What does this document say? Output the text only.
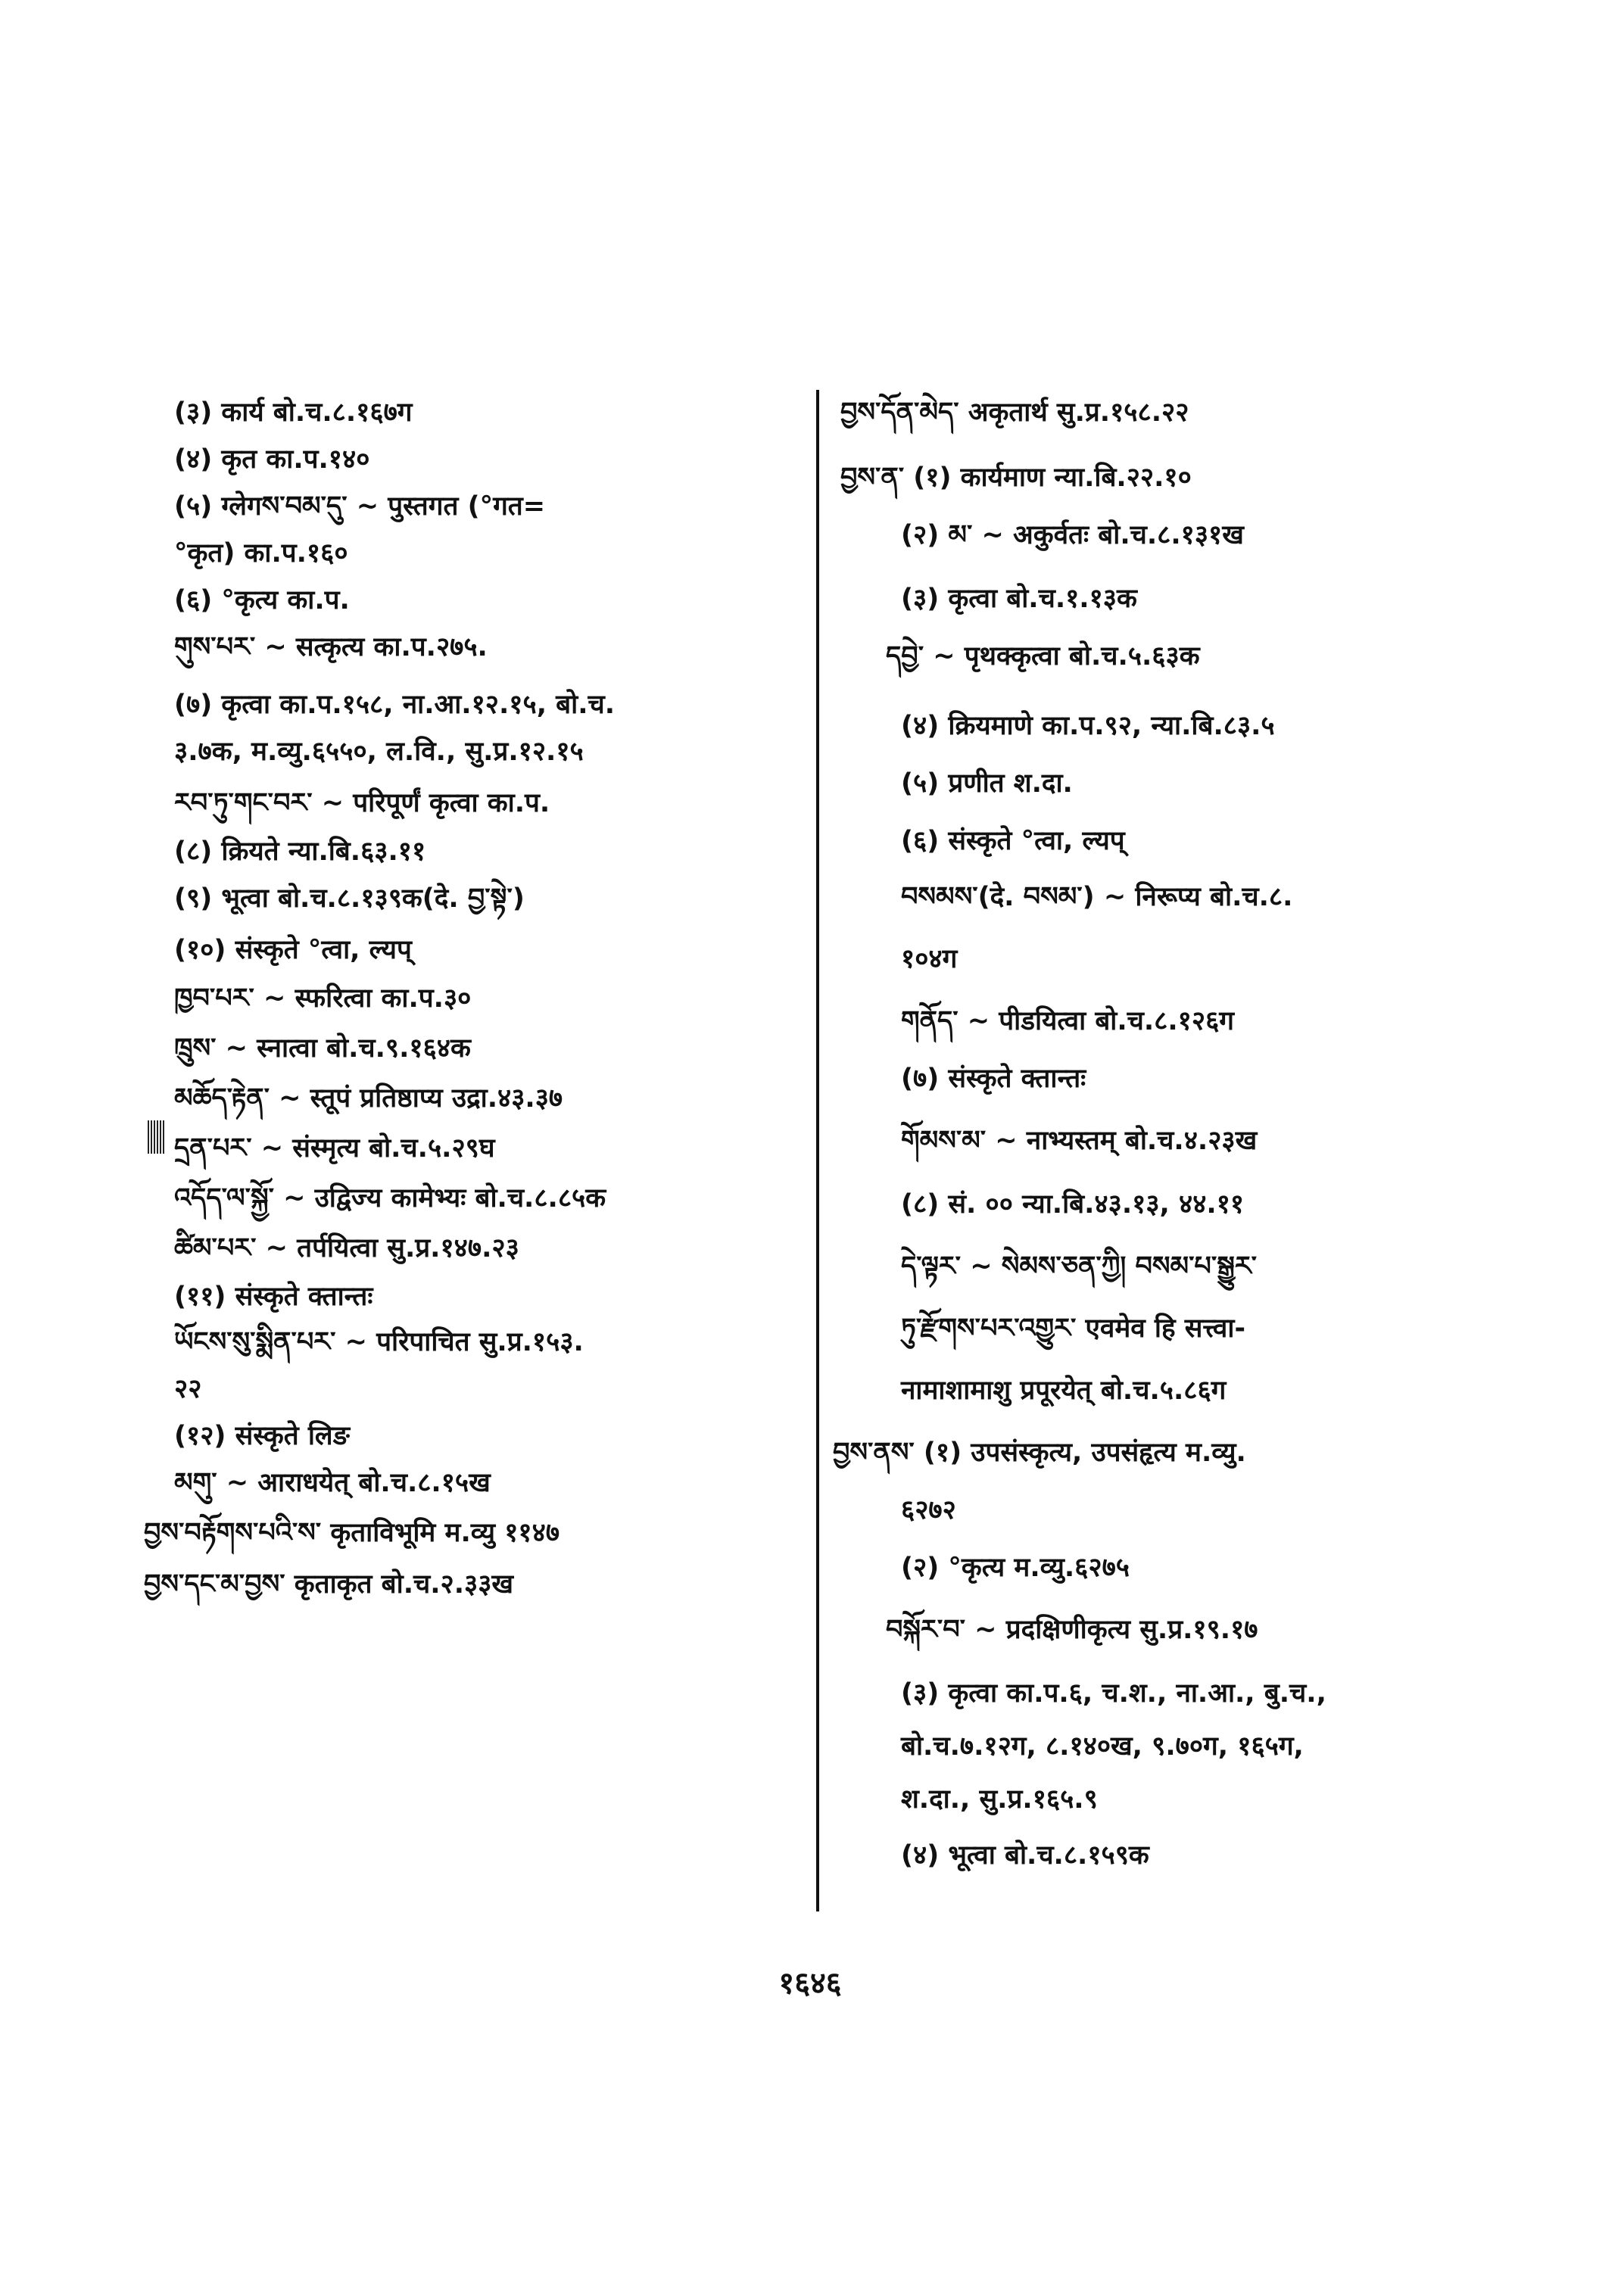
(३) कार्य बो.च.८.१६७ग
(४) कृत का.प.१४०
(५) ग्लेगས་བམ་དུ་ ~ पुस्तगत (°गत=
°कृत) का.प.१६०
(६) °कृत्य का.प.
གུས་པར་ ~ सत्कृत्य का.प.२७५.
(७) कृत्वा का.प.१५८, ना.आ.१२.१५, बो.च.
३.७क, म.व्यु.६५५०, ल.वि., सु.प्र.१२.१५
རབ་ཏུ་གང་བར་ ~ परिपूर्णं कृत्वा का.प.
(८) क्रियते न्या.बि.६३.११
(९) भूत्वा बो.च.८.१३९क(दे. བྱ་སྟེ་)
(१०) संस्कृते °त्वा, ल्यप्
ཁྱབ་པར་ ~ स्फरित्वा का.प.३०
ཁྲུས་ ~ स्नात्वा बो.च.९.१६४क
མཆོད་རྟེན་ ~ स्तूपं प्रतिष्ठाप्य उद्रा.४३.३७
དྲན་པར་ ~ संस्मृत्य बो.च.५.२९घ
འདོད་ལ་སྐྱོ་ ~ उद्विज्य कामेभ्यः बो.च.८.८५क
ཚིམ་པར་ ~ तर्पयित्वा सु.प्र.१४७.२३
(११) संस्कृते क्तान्तः
ཡོངས་སུ་སྨིན་པར་ ~ परिपाचित सु.प्र.१५३.
२२
(१२) संस्कृते लिङ
མགུ་ ~ आराधयेत् बो.च.८.१५ख
བྱས་བརྟོགས་པའི་ས་ कृताविभूमि म.व्यु ११४७
བྱས་དང་མ་བྱས་ कृताकृत बो.च.२.३३ख
བྱས་དོན་མེད་ अकृतार्थ सु.प्र.१५८.२२
བྱས་ན་ (१) कार्यमाण न्या.बि.२२.१०
(२) མ་ ~ अकुर्वतः बो.च.८.१३१ख
(३) कृत्वा बो.च.१.१३क
དབྱེ་ ~ पृथक्कृत्वा बो.च.५.६३क
(४) क्रियमाणे का.प.९२, न्या.बि.८३.५
(५) प्रणीत श.दा.
(६) संस्कृते °त्वा, ल्यप्
བསམས་(दे. བསམ་) ~ निरूप्य बो.च.८.
१०४ग
གནོད་ ~ पीडयित्वा बो.च.८.१२६ग
(७) संस्कृते क्तान्तः
གོམས་མ་ ~ नाभ्यस्तम् बो.च.४.२३ख
(८) सं. ०० न्या.बि.४३.१३, ४४.११
དེ་ལྟར་ ~ སེམས་ཅན་ཀྱི། བསམ་པ་སྒྱུར་
ཏུ་རྫོགས་པར་འགྱུར་ एवमेव हि सत्त्वा-
नामाशामाशु प्रपूरयेत् बो.च.५.८६ग
བྱས་ནས་ (१) उपसंस्कृत्य, उपसंहृत्य म.व्यु.
६२७२
(२) °कृत्य म.व्यु.६२७५
བསྐོར་བ་ ~ प्रदक्षिणीकृत्य सु.प्र.१९.१७
(३) कृत्वा का.प.६, च.श., ना.आ., बु.च.,
बो.च.७.१२ग, ८.१४०ख, ९.७०ग, १६५ग,
श.दा., सु.प्र.१६५.९
(४) भूत्वा बो.च.८.१५९क
१६४६
